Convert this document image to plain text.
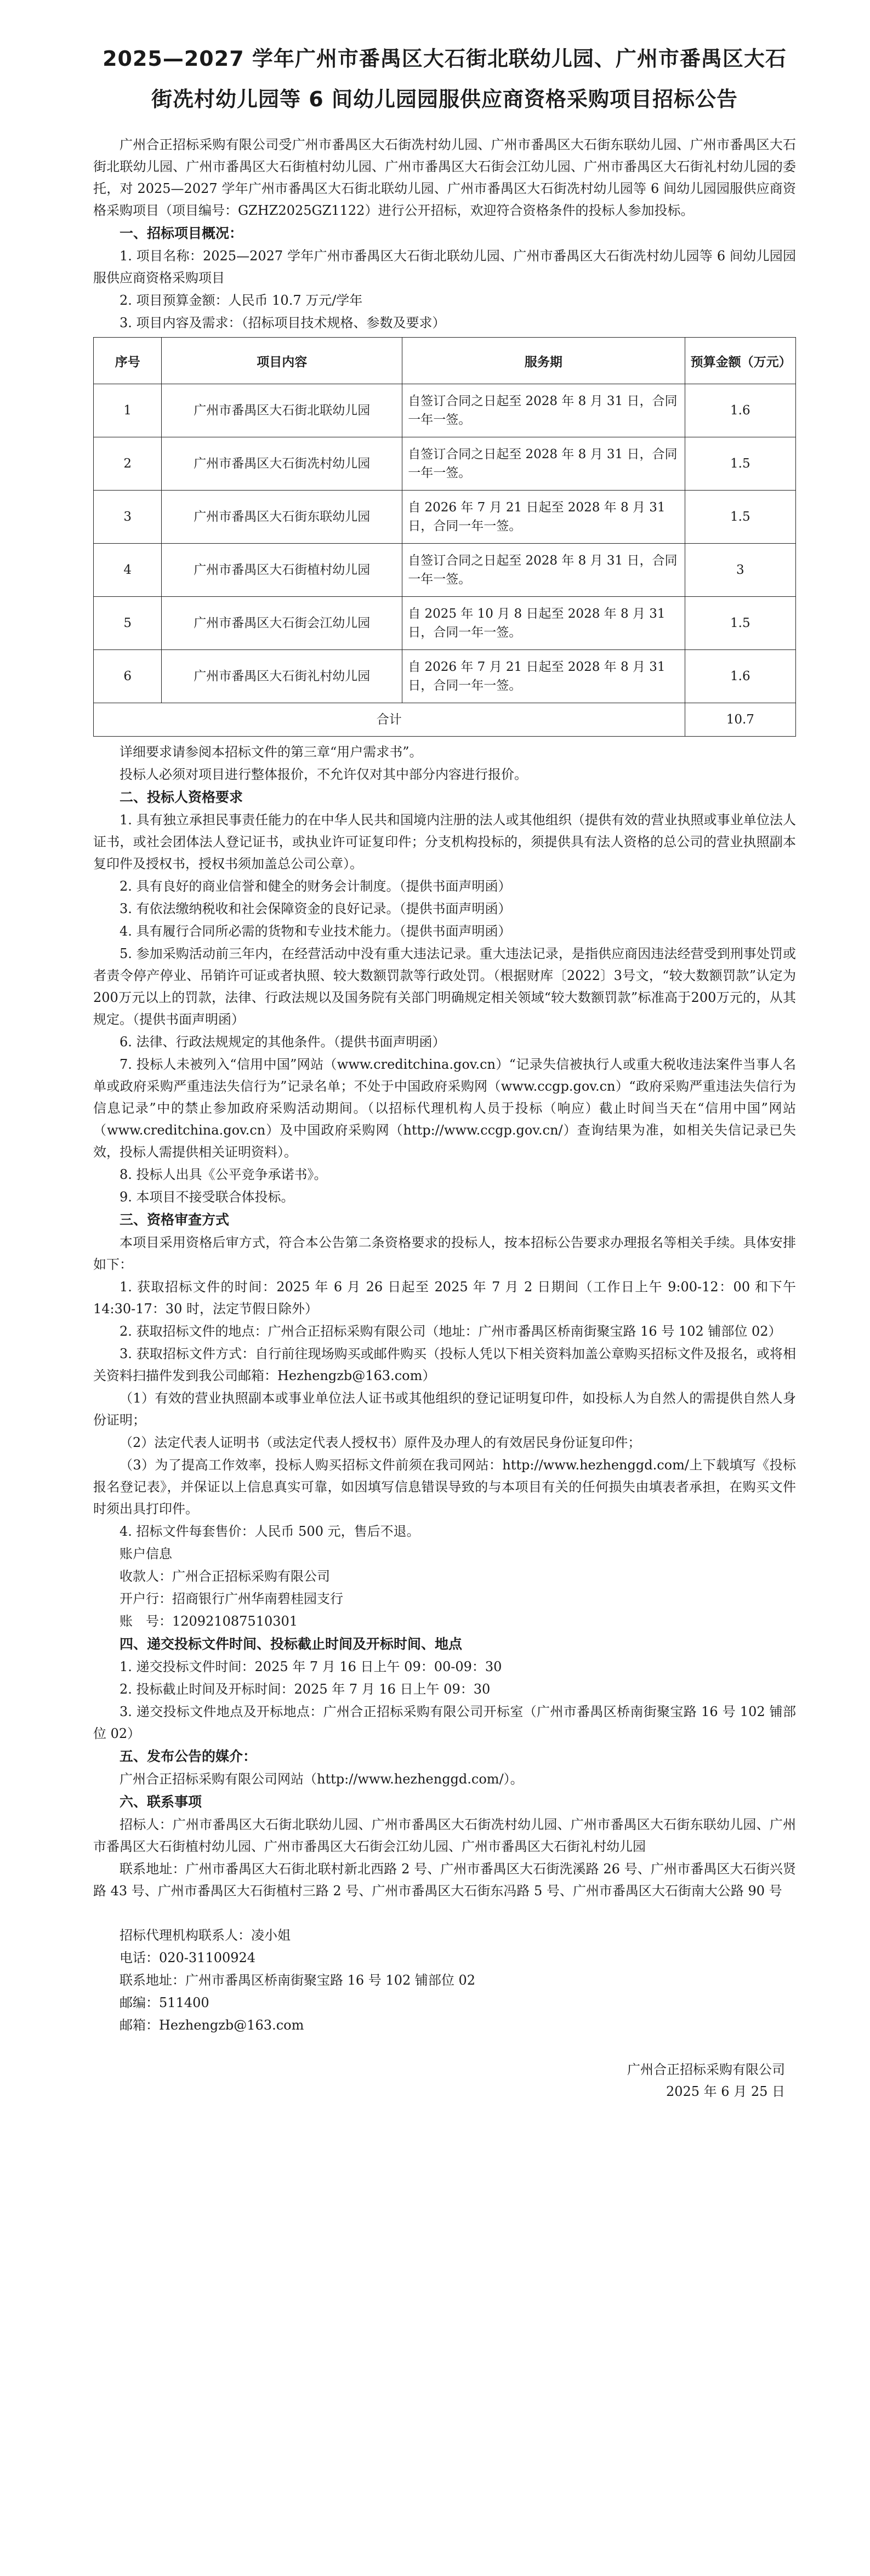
2025—2027 学年广州市番禺区大石街北联幼儿园、广州市番禺区大石街冼村幼儿园等 6 间幼儿园园服供应商资格采购项目招标公告

广州合正招标采购有限公司受广州市番禺区大石街冼村幼儿园、广州市番禺区大石街东联幼儿园、广州市番禺区大石街北联幼儿园、广州市番禺区大石街植村幼儿园、广州市番禺区大石街会江幼儿园、广州市番禺区大石街礼村幼儿园的委托，对 2025—2027 学年广州市番禺区大石街北联幼儿园、广州市番禺区大石街冼村幼儿园等 6 间幼儿园园服供应商资格采购项目（项目编号：GZHZ2025GZ1122）进行公开招标，欢迎符合资格条件的投标人参加投标。

一、招标项目概况：

1. 项目名称：2025—2027 学年广州市番禺区大石街北联幼儿园、广州市番禺区大石街冼村幼儿园等 6 间幼儿园园服供应商资格采购项目

2. 项目预算金额：人民币 10.7 万元/学年

3. 项目内容及需求：（招标项目技术规格、参数及要求）

序号	项目内容	服务期	预算金额（万元）
1	广州市番禺区大石街北联幼儿园	自签订合同之日起至 2028 年 8 月 31 日，合同一年一签。	1.6
2	广州市番禺区大石街冼村幼儿园	自签订合同之日起至 2028 年 8 月 31 日，合同一年一签。	1.5
3	广州市番禺区大石街东联幼儿园	自 2026 年 7 月 21 日起至 2028 年 8 月 31 日，合同一年一签。	1.5
4	广州市番禺区大石街植村幼儿园	自签订合同之日起至 2028 年 8 月 31 日，合同一年一签。	3
5	广州市番禺区大石街会江幼儿园	自 2025 年 10 月 8 日起至 2028 年 8 月 31 日，合同一年一签。	1.5
6	广州市番禺区大石街礼村幼儿园	自 2026 年 7 月 21 日起至 2028 年 8 月 31 日，合同一年一签。	1.6
合计			10.7

详细要求请参阅本招标文件的第三章“用户需求书”。

投标人必须对项目进行整体报价，不允许仅对其中部分内容进行报价。

二、投标人资格要求

1. 具有独立承担民事责任能力的在中华人民共和国境内注册的法人或其他组织（提供有效的营业执照或事业单位法人证书，或社会团体法人登记证书，或执业许可证复印件；分支机构投标的，须提供具有法人资格的总公司的营业执照副本复印件及授权书，授权书须加盖总公司公章）。

2. 具有良好的商业信誉和健全的财务会计制度。（提供书面声明函）

3. 有依法缴纳税收和社会保障资金的良好记录。（提供书面声明函）

4. 具有履行合同所必需的货物和专业技术能力。（提供书面声明函）

5. 参加采购活动前三年内，在经营活动中没有重大违法记录。重大违法记录，是指供应商因违法经营受到刑事处罚或者责令停产停业、吊销许可证或者执照、较大数额罚款等行政处罚。（根据财库〔2022〕3号文，“较大数额罚款”认定为200万元以上的罚款，法律、行政法规以及国务院有关部门明确规定相关领域“较大数额罚款”标准高于200万元的，从其规定。（提供书面声明函）

6. 法律、行政法规规定的其他条件。（提供书面声明函）

7. 投标人未被列入“信用中国”网站（www.creditchina.gov.cn）“记录失信被执行人或重大税收违法案件当事人名单或政府采购严重违法失信行为”记录名单；不处于中国政府采购网（www.ccgp.gov.cn）“政府采购严重违法失信行为信息记录”中的禁止参加政府采购活动期间。（以招标代理机构人员于投标（响应）截止时间当天在“信用中国”网站（www.creditchina.gov.cn）及中国政府采购网（http://www.ccgp.gov.cn/）查询结果为准，如相关失信记录已失效，投标人需提供相关证明资料）。

8. 投标人出具《公平竞争承诺书》。

9. 本项目不接受联合体投标。

三、资格审查方式

本项目采用资格后审方式，符合本公告第二条资格要求的投标人，按本招标公告要求办理报名等相关手续。具体安排如下：

1. 获取招标文件的时间：2025 年 6 月 26 日起至 2025 年 7 月 2 日期间（工作日上午 9:00-12：00 和下午 14:30-17：30 时，法定节假日除外）

2. 获取招标文件的地点：广州合正招标采购有限公司（地址：广州市番禺区桥南街聚宝路 16 号 102 铺部位 02）

3. 获取招标文件方式：自行前往现场购买或邮件购买（投标人凭以下相关资料加盖公章购买招标文件及报名，或将相关资料扫描件发到我公司邮箱：Hezhengzb@163.com）

（1）有效的营业执照副本或事业单位法人证书或其他组织的登记证明复印件，如投标人为自然人的需提供自然人身份证明；

（2）法定代表人证明书（或法定代表人授权书）原件及办理人的有效居民身份证复印件；

（3）为了提高工作效率，投标人购买招标文件前须在我司网站：http://www.hezhenggd.com/上下载填写《投标报名登记表》，并保证以上信息真实可靠，如因填写信息错误导致的与本项目有关的任何损失由填表者承担，在购买文件时须出具打印件。

4. 招标文件每套售价：人民币 500 元，售后不退。

账户信息

收款人：广州合正招标采购有限公司

开户行：招商银行广州华南碧桂园支行

账　号：120921087510301

四、递交投标文件时间、投标截止时间及开标时间、地点

1. 递交投标文件时间：2025 年 7 月 16 日上午 09：00-09：30

2. 投标截止时间及开标时间：2025 年 7 月 16 日上午 09：30

3. 递交投标文件地点及开标地点：广州合正招标采购有限公司开标室（广州市番禺区桥南街聚宝路 16 号 102 铺部位 02）

五、发布公告的媒介：

广州合正招标采购有限公司网站（http://www.hezhenggd.com/）。

六、联系事项

招标人：广州市番禺区大石街北联幼儿园、广州市番禺区大石街冼村幼儿园、广州市番禺区大石街东联幼儿园、广州市番禺区大石街植村幼儿园、广州市番禺区大石街会江幼儿园、广州市番禺区大石街礼村幼儿园

联系地址：广州市番禺区大石街北联村新北西路 2 号、广州市番禺区大石街洗溪路 26 号、广州市番禺区大石街兴贤路 43 号、广州市番禺区大石街植村三路 2 号、广州市番禺区大石街东冯路 5 号、广州市番禺区大石街南大公路 90 号

招标代理机构联系人：凌小姐

电话：020-31100924

联系地址：广州市番禺区桥南街聚宝路 16 号 102 铺部位 02

邮编：511400

邮箱：Hezhengzb@163.com

广州合正招标采购有限公司

2025 年 6 月 25 日
